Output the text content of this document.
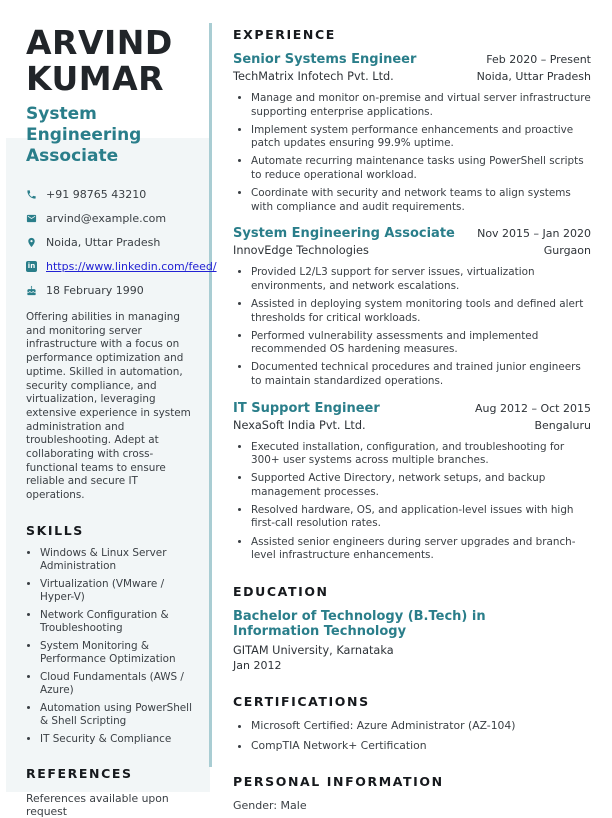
ARVIND
KUMAR
System Engineering Associate
+91 98765 43210
arvind@example.com
Noida, Uttar Pradesh
in https://www.linkedin.com/feed/
18 February 1990
Offering abilities in managing and monitoring server infrastructure with a focus on performance optimization and uptime. Skilled in automation, security compliance, and virtualization, leveraging extensive experience in system administration and troubleshooting. Adept at collaborating with cross-functional teams to ensure reliable and secure IT operations.
SKILLS
• Windows & Linux Server Administration
• Virtualization (VMware / Hyper-V)
• Network Configuration & Troubleshooting
• System Monitoring & Performance Optimization
• Cloud Fundamentals (AWS / Azure)
• Automation using PowerShell & Shell Scripting
• IT Security & Compliance
REFERENCES
References available upon request
EXPERIENCE
Senior Systems Engineer
TechMatrix Infotech Pvt. Ltd.
Feb 2020 – Present
Noida, Uttar Pradesh
• Manage and monitor on-premise and virtual server infrastructure supporting enterprise applications.
• Implement system performance enhancements and proactive patch updates ensuring 99.9% uptime.
• Automate recurring maintenance tasks using PowerShell scripts to reduce operational workload.
• Coordinate with security and network teams to align systems with compliance and audit requirements.
System Engineering Associate
InnovEdge Technologies
Nov 2015 – Jan 2020
Gurgaon
• Provided L2/L3 support for server issues, virtualization environments, and network escalations.
• Assisted in deploying system monitoring tools and defined alert thresholds for critical workloads.
• Performed vulnerability assessments and implemented recommended OS hardening measures.
• Documented technical procedures and trained junior engineers to maintain standardized operations.
IT Support Engineer
NexaSoft India Pvt. Ltd.
Aug 2012 – Oct 2015
Bengaluru
• Executed installation, configuration, and troubleshooting for 300+ user systems across multiple branches.
• Supported Active Directory, network setups, and backup management processes.
• Resolved hardware, OS, and application-level issues with high first-call resolution rates.
• Assisted senior engineers during server upgrades and branch-level infrastructure enhancements.
EDUCATION
Bachelor of Technology (B.Tech) in Information Technology
GITAM University, Karnataka
Jan 2012
CERTIFICATIONS
• Microsoft Certified: Azure Administrator (AZ-104)
• CompTIA Network+ Certification
PERSONAL INFORMATION
Gender: Male
